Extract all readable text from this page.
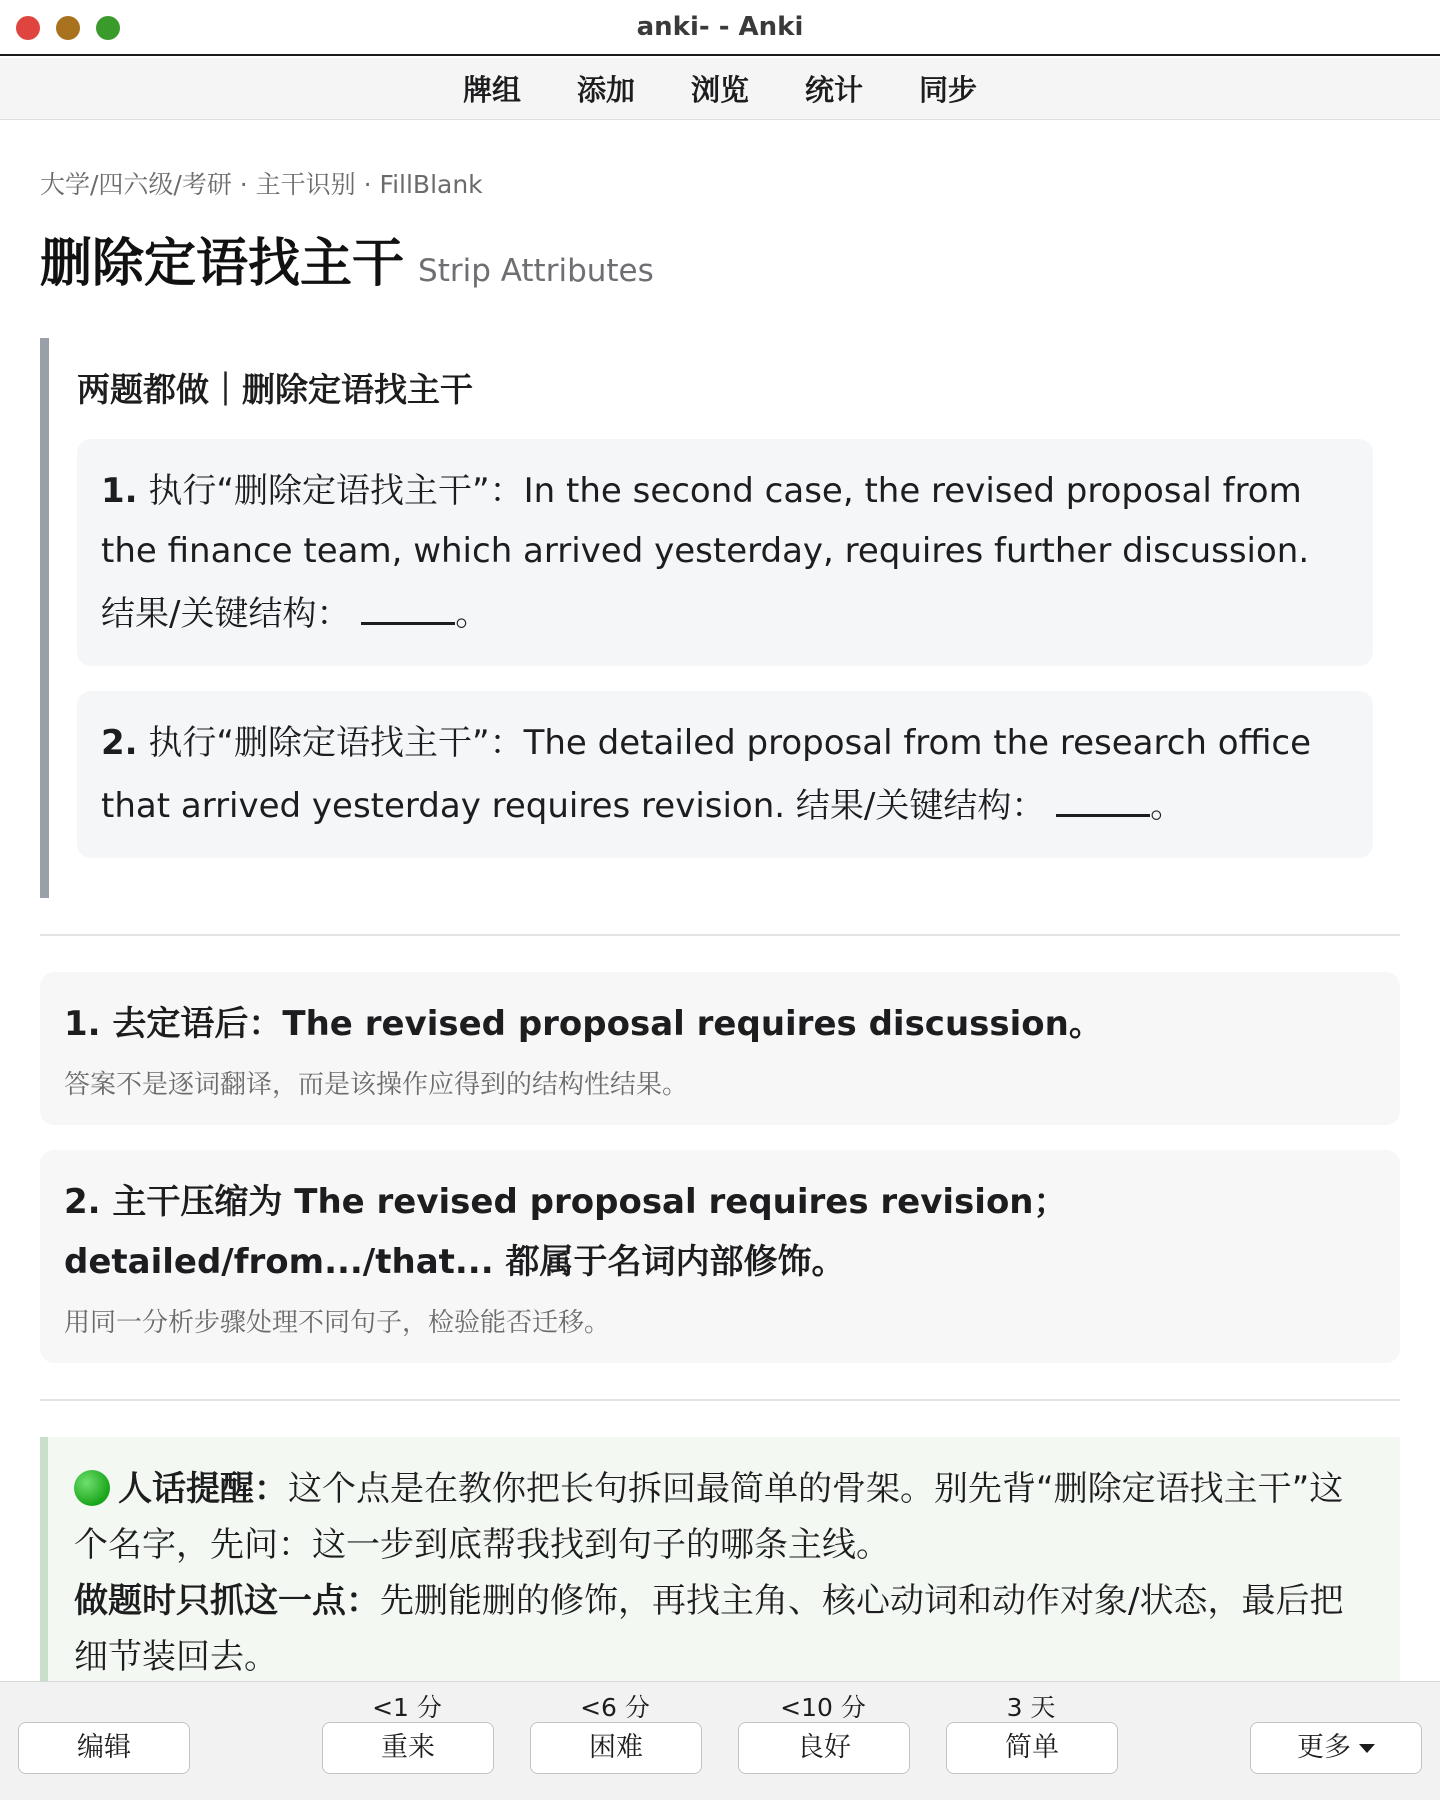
anki- - Anki
牌组	添加	浏览	统计	同步
大学/四六级/考研 · 主干识别 · FillBlank
删除定语找主干 Strip Attributes
两题都做｜删除定语找主干
1. 执行“删除定语找主干”：In the second case, the revised proposal from the finance team, which arrived yesterday, requires further discussion. 结果/关键结构：	。
2. 执行“删除定语找主干”：The detailed proposal from the research office that arrived yesterday requires revision. 结果/关键结构：	。
1. 去定语后：The revised proposal requires discussion。
答案不是逐词翻译，而是该操作应得到的结构性结果。
2. 主干压缩为 The revised proposal requires revision；detailed/from.../that... 都属于名词内部修饰。
用同一分析步骤处理不同句子，检验能否迁移。
人话提醒：这个点是在教你把长句拆回最简单的骨架。别先背“删除定语找主干”这个名字，先问：这一步到底帮我找到句子的哪条主线。
做题时只抓这一点：先删能删的修饰，再找主角、核心动词和动作对象/状态，最后把细节装回去。
编辑
<1 分
重来
<6 分
困难
<10 分
良好
3 天
简单	更多
